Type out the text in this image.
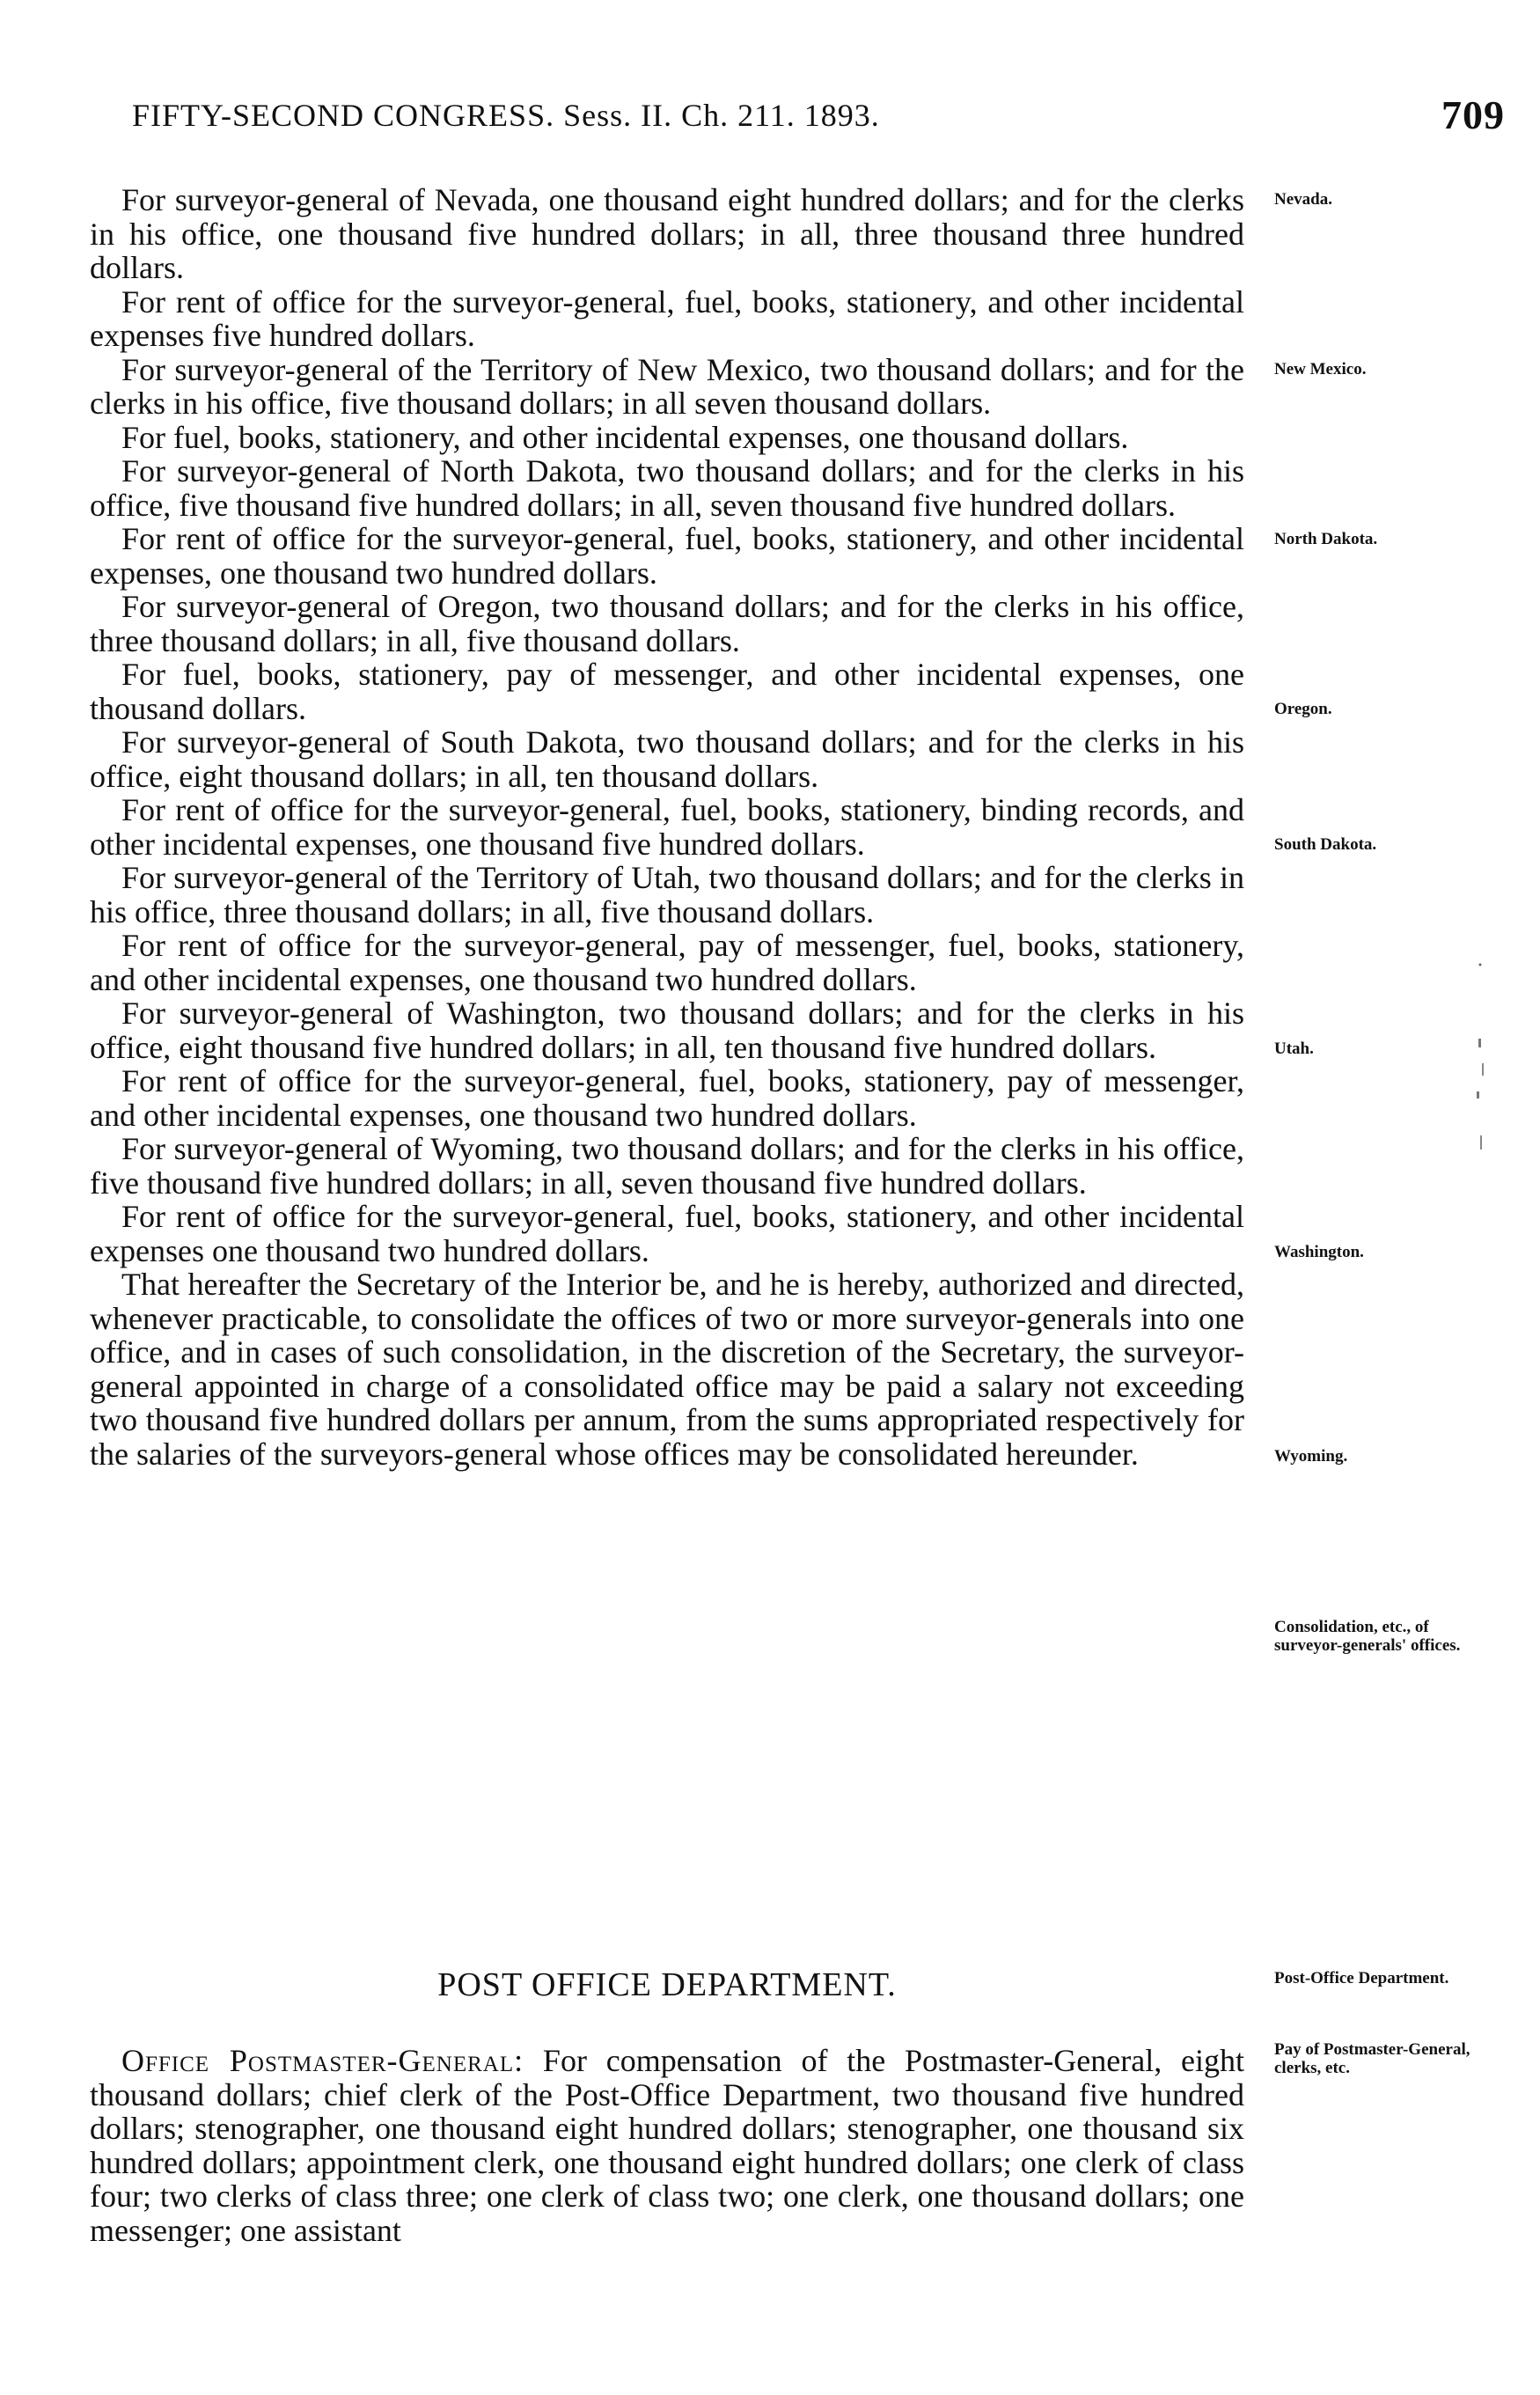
FIFTY-SECOND CONGRESS. Sess. II. Ch. 211. 1893.	709

For surveyor-general of Nevada, one thousand eight hundred dollars; and for the clerks in his office, one thousand five hundred dollars; in all, three thousand three hundred dollars.

For rent of office for the surveyor-general, fuel, books, stationery, and other incidental expenses five hundred dollars.

For surveyor-general of the Territory of New Mexico, two thousand dollars; and for the clerks in his office, five thousand dollars; in all seven thousand dollars.

For fuel, books, stationery, and other incidental expenses, one thousand dollars.

For surveyor-general of North Dakota, two thousand dollars; and for the clerks in his office, five thousand five hundred dollars; in all, seven thousand five hundred dollars.

For rent of office for the surveyor-general, fuel, books, stationery, and other incidental expenses, one thousand two hundred dollars.

For surveyor-general of Oregon, two thousand dollars; and for the clerks in his office, three thousand dollars; in all, five thousand dollars.

For fuel, books, stationery, pay of messenger, and other incidental expenses, one thousand dollars.

For surveyor-general of South Dakota, two thousand dollars; and for the clerks in his office, eight thousand dollars; in all, ten thousand dollars.

For rent of office for the surveyor-general, fuel, books, stationery, binding records, and other incidental expenses, one thousand five hundred dollars.

For surveyor-general of the Territory of Utah, two thousand dollars; and for the clerks in his office, three thousand dollars; in all, five thousand dollars.

For rent of office for the surveyor-general, pay of messenger, fuel, books, stationery, and other incidental expenses, one thousand two hundred dollars.

For surveyor-general of Washington, two thousand dollars; and for the clerks in his office, eight thousand five hundred dollars; in all, ten thousand five hundred dollars.

For rent of office for the surveyor-general, fuel, books, stationery, pay of messenger, and other incidental expenses, one thousand two hundred dollars.

For surveyor-general of Wyoming, two thousand dollars; and for the clerks in his office, five thousand five hundred dollars; in all, seven thousand five hundred dollars.

For rent of office for the surveyor-general, fuel, books, stationery, and other incidental expenses one thousand two hundred dollars.

That hereafter the Secretary of the Interior be, and he is hereby, authorized and directed, whenever practicable, to consolidate the offices of two or more surveyor-generals into one office, and in cases of such consolidation, in the discretion of the Secretary, the surveyor-general appointed in charge of a consolidated office may be paid a salary not exceeding two thousand five hundred dollars per annum, from the sums appropriated respectively for the salaries of the surveyors-general whose offices may be consolidated hereunder.

POST OFFICE DEPARTMENT.

Office Postmaster-General: For compensation of the Postmaster-General, eight thousand dollars; chief clerk of the Post-Office Department, two thousand five hundred dollars; stenographer, one thousand eight hundred dollars; stenographer, one thousand six hundred dollars; appointment clerk, one thousand eight hundred dollars; one clerk of class four; two clerks of class three; one clerk of class two; one clerk, one thousand dollars; one messenger; one assistant

Nevada.
New Mexico.
North Dakota.
Oregon.
South Dakota.
Utah.
Washington.
Wyoming.
Consolidation, etc., of surveyor-generals' offices.
Post-Office Department.
Pay of Postmaster-General, clerks, etc.
